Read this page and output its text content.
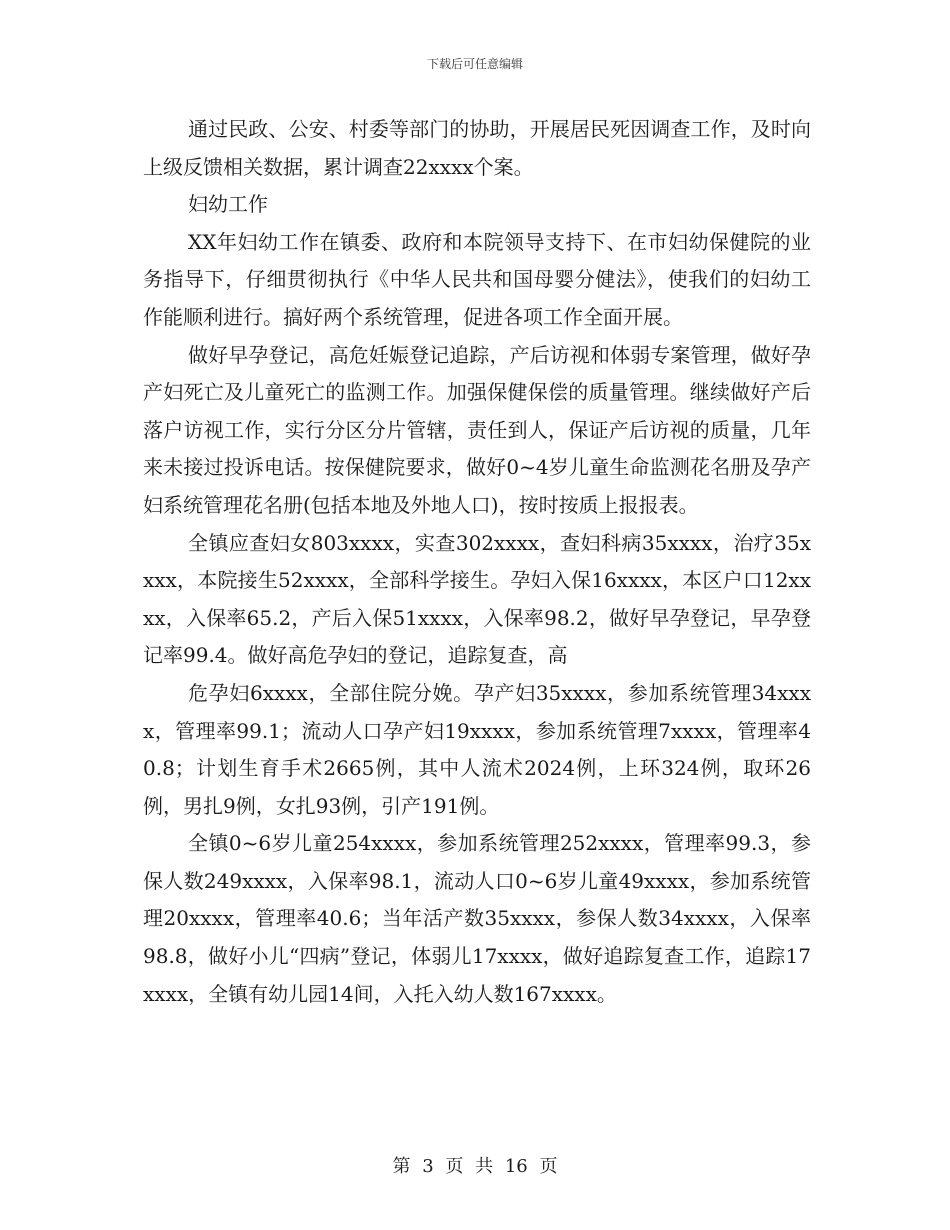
下载后可任意编辑

通过民政、公安、村委等部门的协助，开展居民死因调查工作，及时向上级反馈相关数据，累计调查22xxxx个案。

妇幼工作

XX年妇幼工作在镇委、政府和本院领导支持下、在市妇幼保健院的业务指导下，仔细贯彻执行《中华人民共和国母婴分健法》，使我们的妇幼工作能顺利进行。搞好两个系统管理，促进各项工作全面开展。

做好早孕登记，高危妊娠登记追踪，产后访视和体弱专案管理，做好孕产妇死亡及儿童死亡的监测工作。加强保健保偿的质量管理。继续做好产后落户访视工作，实行分区分片管辖，责任到人，保证产后访视的质量，几年来未接过投诉电话。按保健院要求，做好0~4岁儿童生命监测花名册及孕产妇系统管理花名册(包括本地及外地人口)，按时按质上报报表。

全镇应查妇女803xxxx，实查302xxxx，查妇科病35xxxx，治疗35xxxx，本院接生52xxxx，全部科学接生。孕妇入保16xxxx，本区户口12xxxx，入保率65.2，产后入保51xxxx，入保率98.2，做好早孕登记，早孕登记率99.4。做好高危孕妇的登记，追踪复查，高

危孕妇6xxxx，全部住院分娩。孕产妇35xxxx，参加系统管理34xxxx，管理率99.1；流动人口孕产妇19xxxx，参加系统管理7xxxx，管理率40.8；计划生育手术2665例，其中人流术2024例，上环324例，取环26例，男扎9例，女扎93例，引产191例。

全镇0~6岁儿童254xxxx，参加系统管理252xxxx，管理率99.3，参保人数249xxxx，入保率98.1，流动人口0~6岁儿童49xxxx，参加系统管理20xxxx，管理率40.6；当年活产数35xxxx，参保人数34xxxx，入保率98.8，做好小儿“四病”登记，体弱儿17xxxx，做好追踪复查工作，追踪17xxxx，全镇有幼儿园14间，入托入幼人数167xxxx。

第 3 页 共 16 页
